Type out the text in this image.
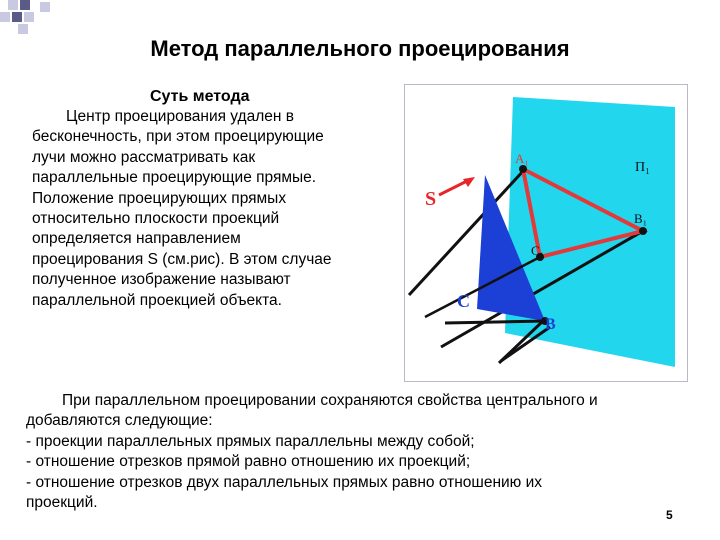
Метод параллельного проецирования
Суть метода
Центр проецирования удален в
бесконечность, при этом проецирующие
лучи можно рассматривать как
параллельные проецирующие прямые.
Положение проецирующих прямых
относительно плоскости проекций
определяется направлением
проецирования S (см.рис). В этом случае
полученное изображение называют
параллельной проекцией объекта.
A₁
B₁
C₁
П₁
S
C
B
При параллельном проецировании сохраняются свойства центрального и
добавляются следующие:
- проекции параллельных прямых параллельны между собой;
- отношение отрезков прямой равно отношению их проекций;
- отношение отрезков двух параллельных прямых равно отношению их
проекций.
5
